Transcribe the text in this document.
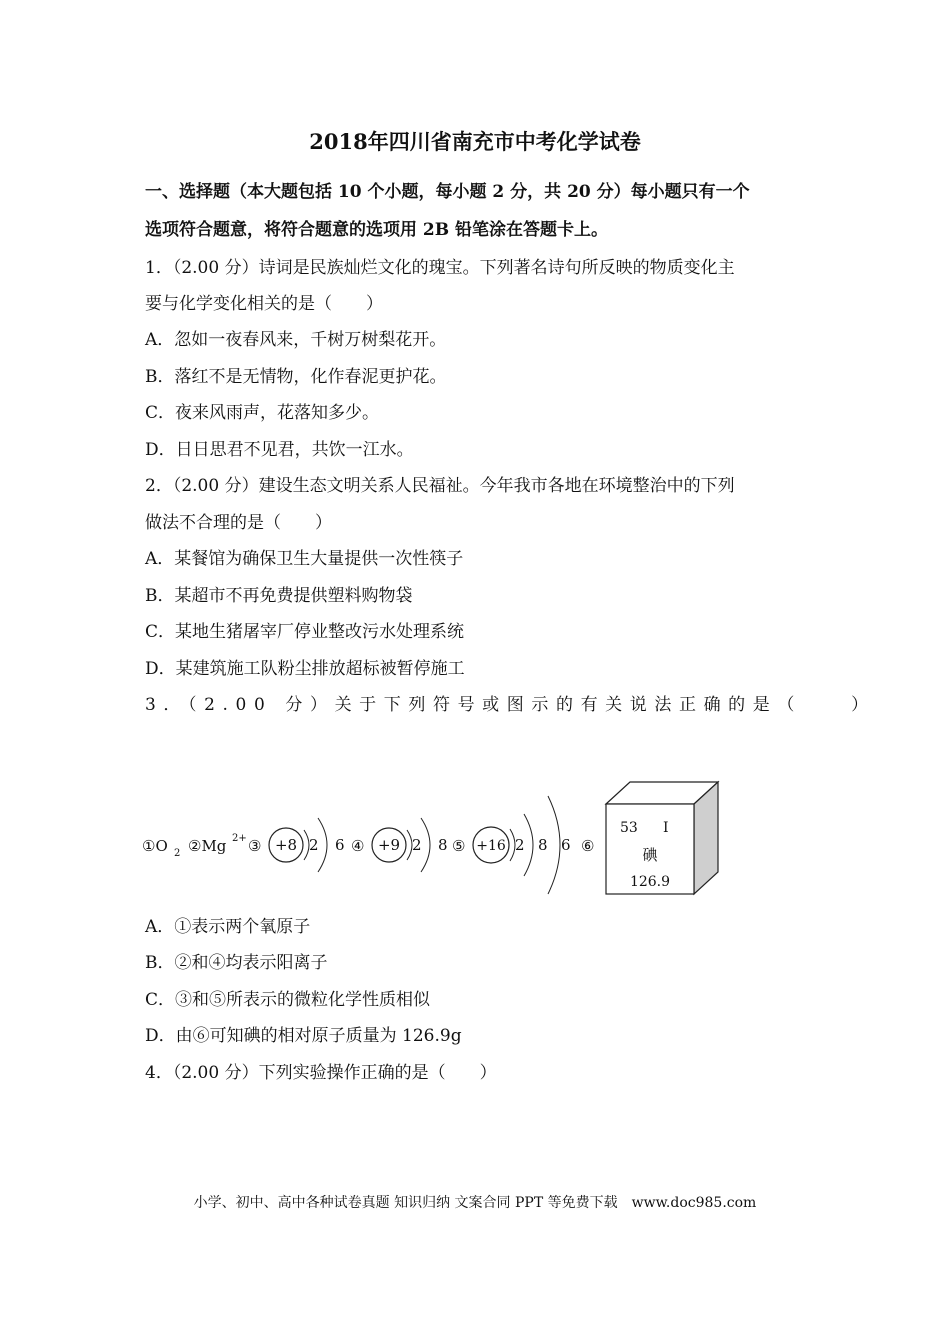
2018年四川省南充市中考化学试卷
一、选择题（本大题包括 10 个小题，每小题 2 分，共 20 分）每小题只有一个
选项符合题意，将符合题意的选项用 2B 铅笔涂在答题卡上。
1．（2.00 分）诗词是民族灿烂文化的瑰宝。下列著名诗句所反映的物质变化主
要与化学变化相关的是（　　）
A．忽如一夜春风来，千树万树梨花开。
B．落红不是无情物，化作春泥更护花。
C．夜来风雨声，花落知多少。
D．日日思君不见君，共饮一江水。
2．（2.00 分）建设生态文明关系人民福祉。今年我市各地在环境整治中的下列
做法不合理的是（　　）
A．某餐馆为确保卫生大量提供一次性筷子
B．某超市不再免费提供塑料购物袋
C．某地生猪屠宰厂停业整改污水处理系统
D．某建筑施工队粉尘排放超标被暂停施工
3．（2.00 分）关于下列符号或图示的有关说法正确的是（　　）
①O 2 ②Mg 2+ ③ +8 2 6 ④ +9 2 8 ⑤ +16 2 8 6 ⑥
53 I
碘
126.9
A．①表示两个氧原子
B．②和④均表示阳离子
C．③和⑤所表示的微粒化学性质相似
D．由⑥可知碘的相对原子质量为 126.9g
4．（2.00 分）下列实验操作正确的是（　　）
小学、初中、高中各种试卷真题 知识归纳 文案合同 PPT 等免费下载　www.doc985.com
